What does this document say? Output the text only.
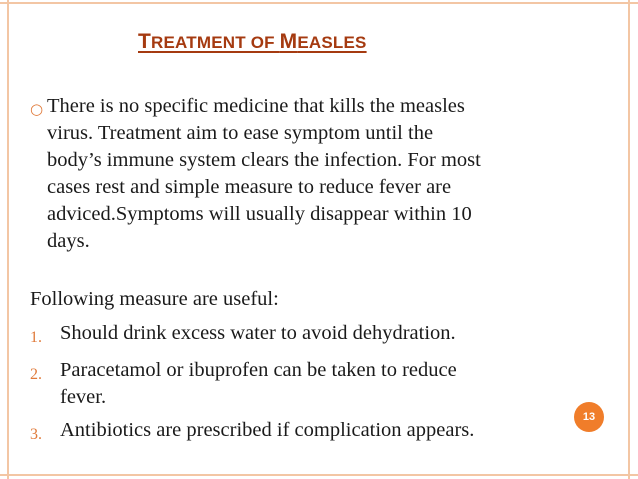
TREATMENT OF MEASLES
○ There is no specific medicine that kills the measles
virus. Treatment aim to ease symptom until the
body’s immune system clears the infection. For most
cases rest and simple measure to reduce fever are
adviced.Symptoms will usually disappear within 10
days.
Following measure are useful:
1. Should drink excess water to avoid dehydration.
2. Paracetamol or ibuprofen can be taken to reduce
fever.
3. Antibiotics are prescribed if complication appears.
13
